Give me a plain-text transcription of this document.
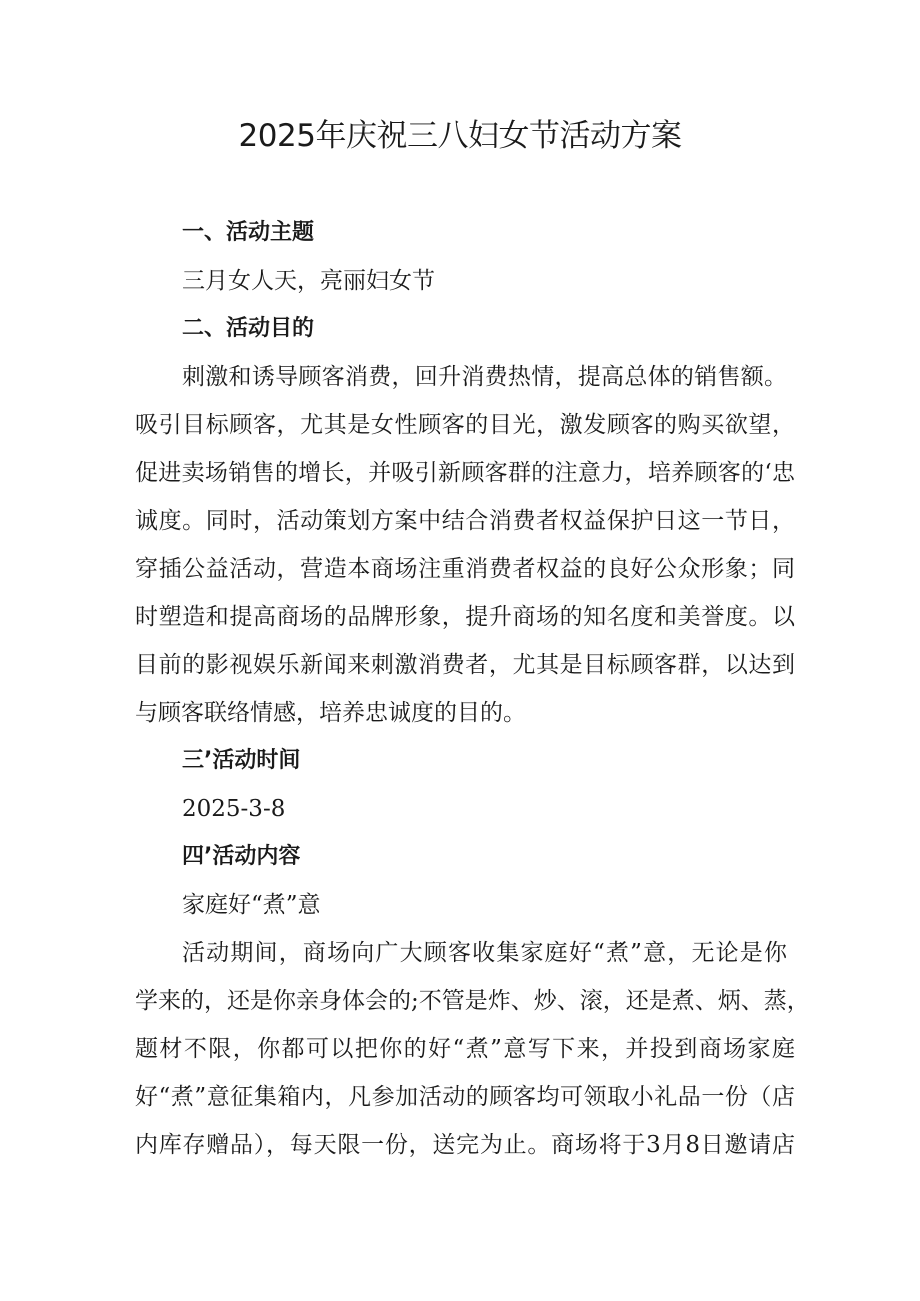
2025年庆祝三八妇女节活动方案

一、活动主题

三月女人天，亮丽妇女节

二、活动目的

刺激和诱导顾客消费，回升消费热情，提高总体的销售额。

吸引目标顾客，尤其是女性顾客的目光，激发顾客的购买欲望，

促进卖场销售的增长，并吸引新顾客群的注意力，培养顾客的‘忠

诚度。同时，活动策划方案中结合消费者权益保护日这一节日，

穿插公益活动，营造本商场注重消费者权益的良好公众形象；同

时塑造和提高商场的品牌形象，提升商场的知名度和美誉度。以

目前的影视娱乐新闻来刺激消费者，尤其是目标顾客群，以达到

与顾客联络情感，培养忠诚度的目的。

三’活动时间

2025-3-8

四’活动内容

家庭好“煮”意

活动期间，商场向广大顾客收集家庭好“煮”意，无论是你

学来的，还是你亲身体会的;不管是炸、炒、滚，还是煮、炳、蒸，

题材不限，你都可以把你的好“煮”意写下来，并投到商场家庭

好“煮”意征集箱内，凡参加活动的顾客均可领取小礼品一份（店

内库存赠品），每天限一份，送完为止。商场将于3月8日邀请店
